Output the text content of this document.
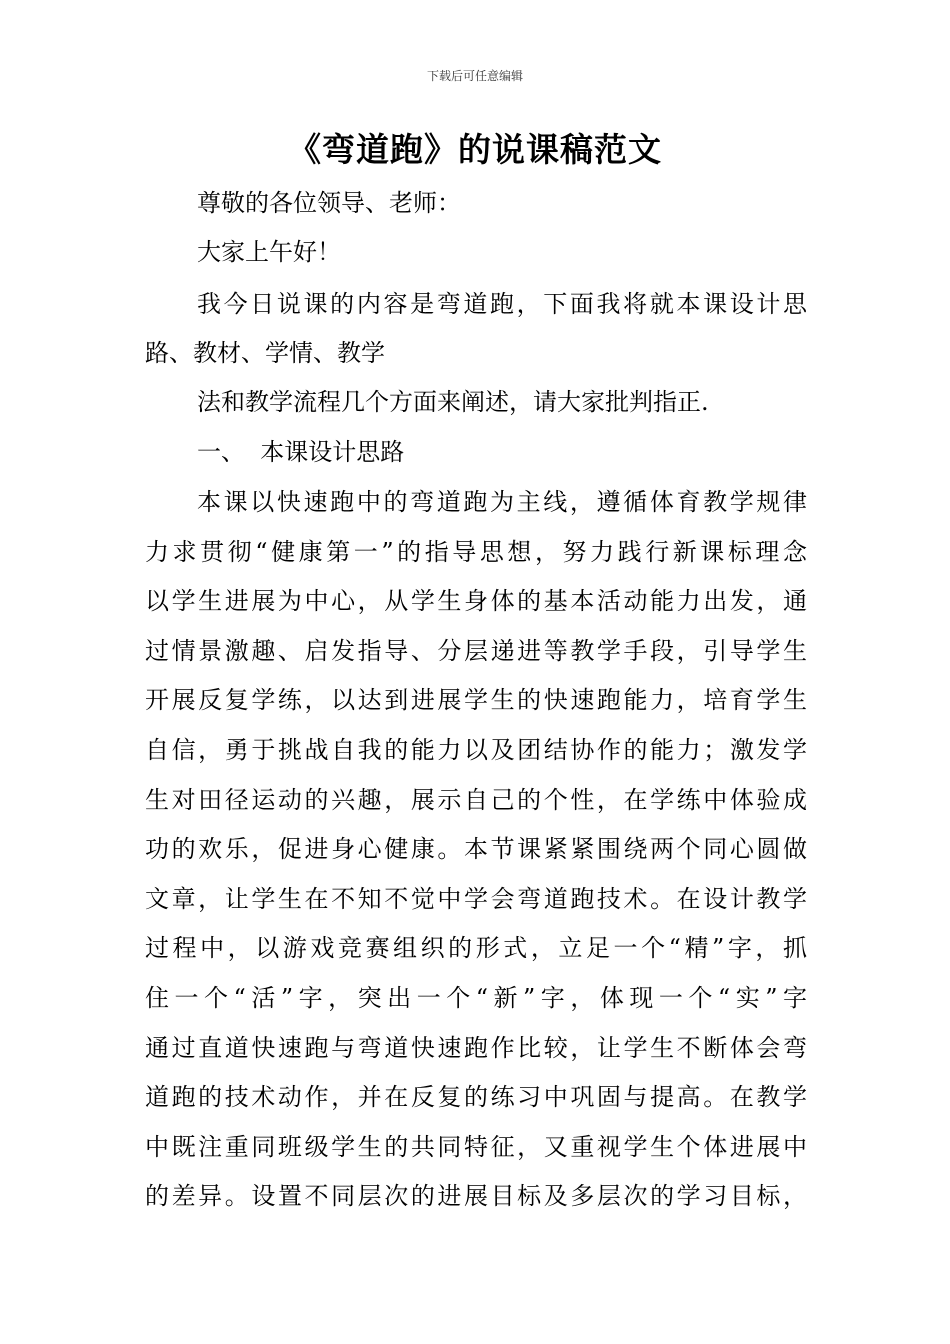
下载后可任意编辑
《弯道跑》的说课稿范文
尊敬的各位领导、老师：
大家上午好！
我今日说课的内容是弯道跑，下面我将就本课设计思
路、教材、学情、教学
法和教学流程几个方面来阐述，请大家批判指正.
一、  本课设计思路
本课以快速跑中的弯道跑为主线，遵循体育教学规律
力求贯彻“健康第一”的指导思想，努力践行新课标理念
以学生进展为中心，从学生身体的基本活动能力出发，通
过情景激趣、启发指导、分层递进等教学手段，引导学生
开展反复学练，以达到进展学生的快速跑能力，培育学生
自信，勇于挑战自我的能力以及团结协作的能力；激发学
生对田径运动的兴趣，展示自己的个性，在学练中体验成
功的欢乐，促进身心健康。本节课紧紧围绕两个同心圆做
文章，让学生在不知不觉中学会弯道跑技术。在设计教学
过程中，以游戏竞赛组织的形式，立足一个“精”字，抓
住一个“活”字，突出一个“新”字，体现一个“实”字
通过直道快速跑与弯道快速跑作比较，让学生不断体会弯
道跑的技术动作，并在反复的练习中巩固与提高。在教学
中既注重同班级学生的共同特征，又重视学生个体进展中
的差异。设置不同层次的进展目标及多层次的学习目标，
